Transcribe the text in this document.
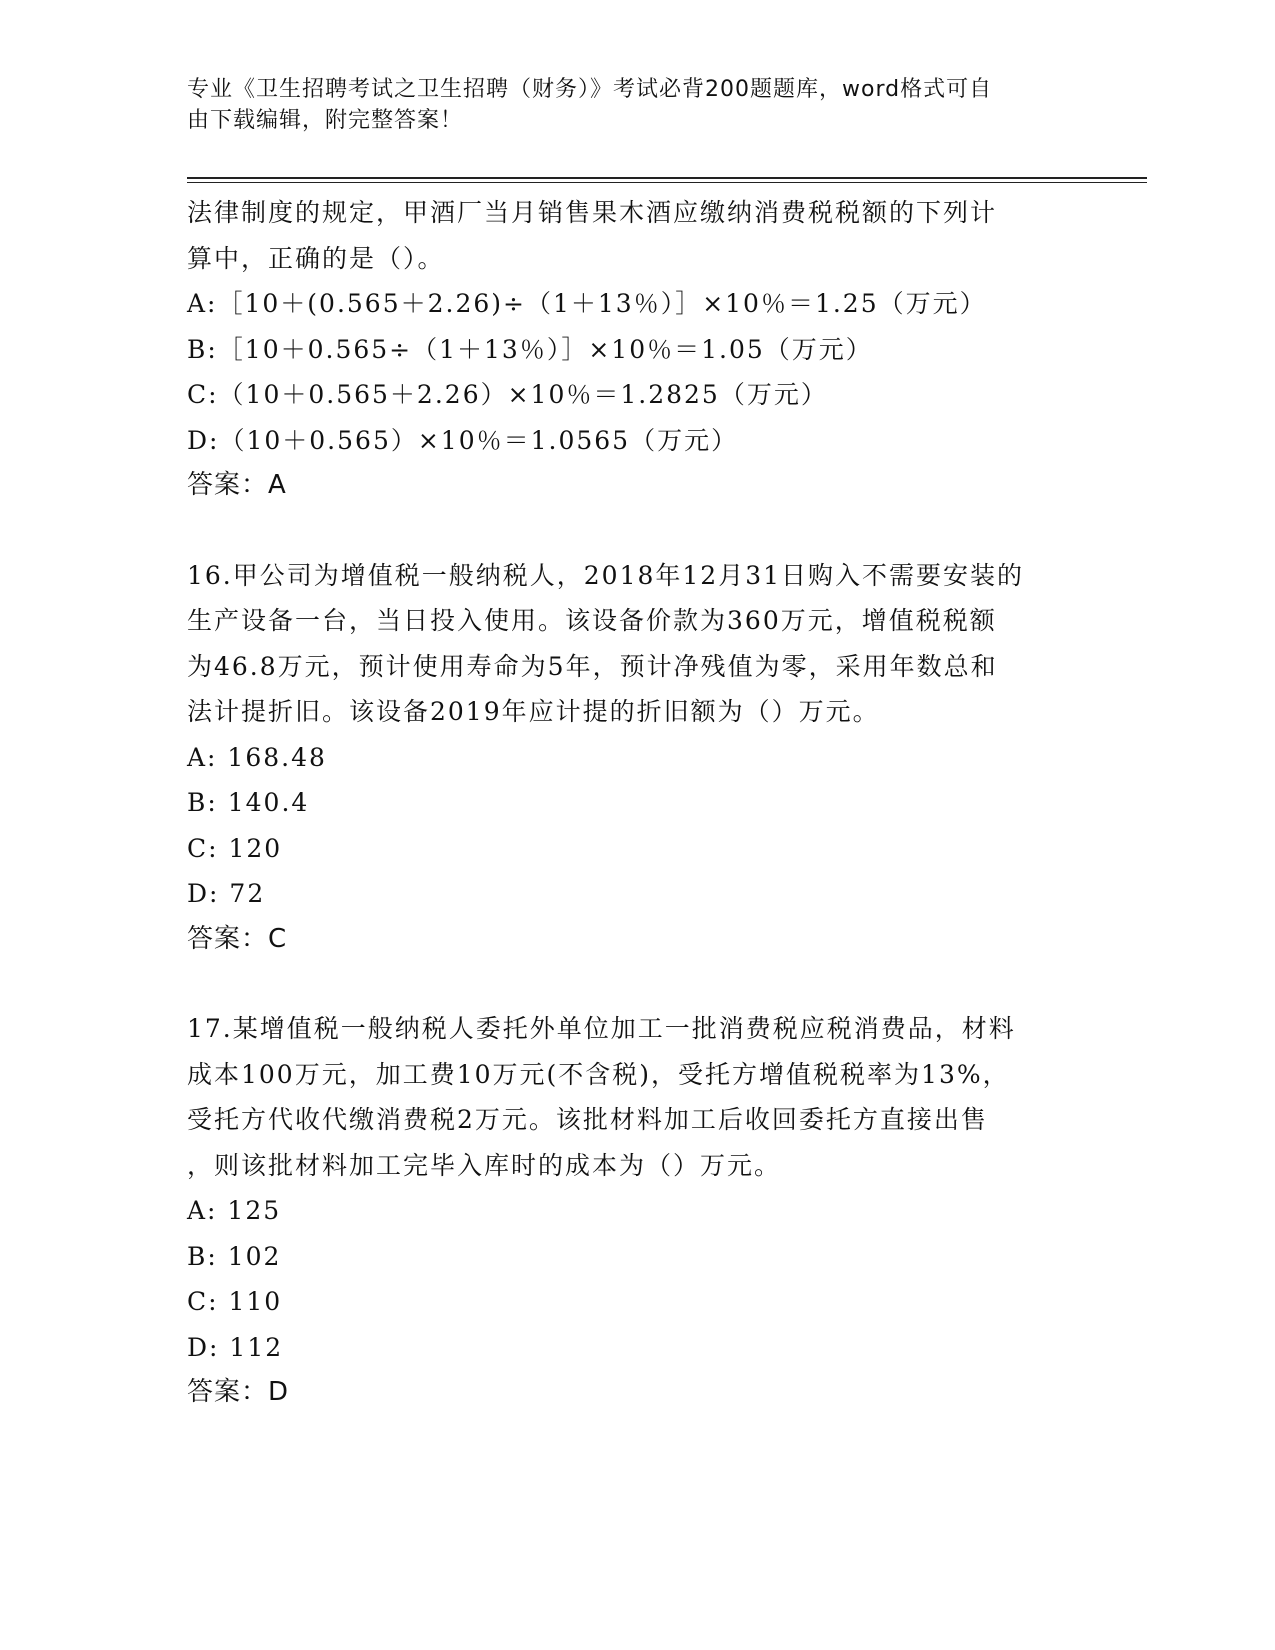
专业《卫生招聘考试之卫生招聘（财务）》考试必背200题题库，word格式可自
由下载编辑，附完整答案！
法律制度的规定，甲酒厂当月销售果木酒应缴纳消费税税额的下列计
算中，正确的是（）。
A:［10＋(0.565＋2.26)÷（1＋13％）］×10％＝1.25（万元）
B:［10＋0.565÷（1＋13％）］×10％＝1.05（万元）
C:（10＋0.565＋2.26）×10％＝1.2825（万元）
D:（10＋0.565）×10％＝1.0565（万元）
答案：A
16.甲公司为增值税一般纳税人，2018年12月31日购入不需要安装的
生产设备一台，当日投入使用。该设备价款为360万元，增值税税额
为46.8万元，预计使用寿命为5年，预计净残值为零，采用年数总和
法计提折旧。该设备2019年应计提的折旧额为（）万元。
A: 168.48
B: 140.4
C: 120
D: 72
答案：C
17.某增值税一般纳税人委托外单位加工一批消费税应税消费品，材料
成本100万元，加工费10万元(不含税)，受托方增值税税率为13%，
受托方代收代缴消费税2万元。该批材料加工后收回委托方直接出售
，则该批材料加工完毕入库时的成本为（）万元。
A: 125
B: 102
C: 110
D: 112
答案：D
